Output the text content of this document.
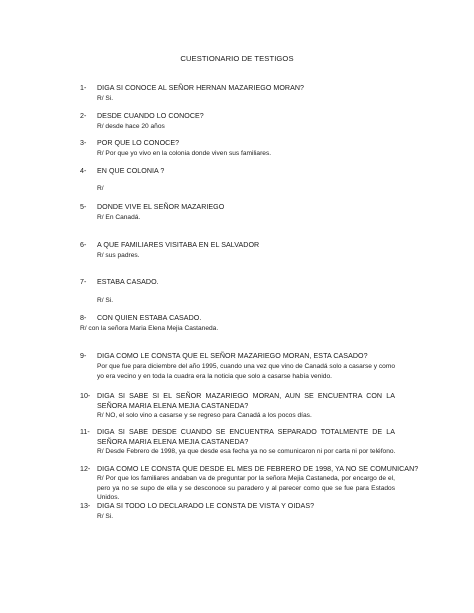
CUESTIONARIO DE TESTIGOS
1- DIGA SI CONOCE AL SEÑOR HERNAN MAZARIEGO MORAN?
R/ Si.
2- DESDE CUANDO LO CONOCE?
R/ desde hace 20 años
3- POR QUE LO CONOCE?
R/ Por que yo vivo en la colonia donde viven sus familiares.
4- EN QUE COLONIA ?
R/
5- DONDE VIVE EL SEÑOR MAZARIEGO
R/ En Canadá.
6- A QUE FAMILIARES VISITABA EN EL SALVADOR
R/ sus padres.
7- ESTABA CASADO.
R/ Si.
8- CON QUIEN ESTABA CASADO.
R/ con la señora Maria Elena Mejia Castaneda.
9- DIGA COMO LE CONSTA QUE EL SEÑOR MAZARIEGO MORAN, ESTA CASADO?
Por que fue para diciembre del año 1995, cuando una vez que vino de Canadá solo a casarse y como yo era vecino y en toda la cuadra era la noticia que solo a casarse había venido.
10- DIGA SI SABE SI EL SEÑOR MAZARIEGO MORAN, AUN SE ENCUENTRA CON LA SEÑORA MARIA ELENA MEJIA CASTANEDA?
R/ NO, el solo vino a casarse y se regreso para Canadá a los pocos días.
11- DIGA SI SABE DESDE CUANDO SE ENCUENTRA SEPARADO TOTALMENTE DE LA SEÑORA MARIA ELENA MEJIA CASTANEDA?
R/ Desde Febrero de 1998, ya que desde esa fecha ya no se comunicaron ni por carta ni por teléfono.
12- DIGA COMO LE CONSTA QUE DESDE EL MES DE FEBRERO DE 1998, YA NO SE COMUNICAN?
R/ Por que los familiares andaban va de preguntar por la señora Mejia Castaneda, por encargo de el, pero ya no se supo de ella y se desconoce su paradero y al parecer como que se fue para Estados Unidos.
13- DIGA SI TODO LO DECLARADO LE CONSTA DE VISTA Y OIDAS?
R/ Si.
